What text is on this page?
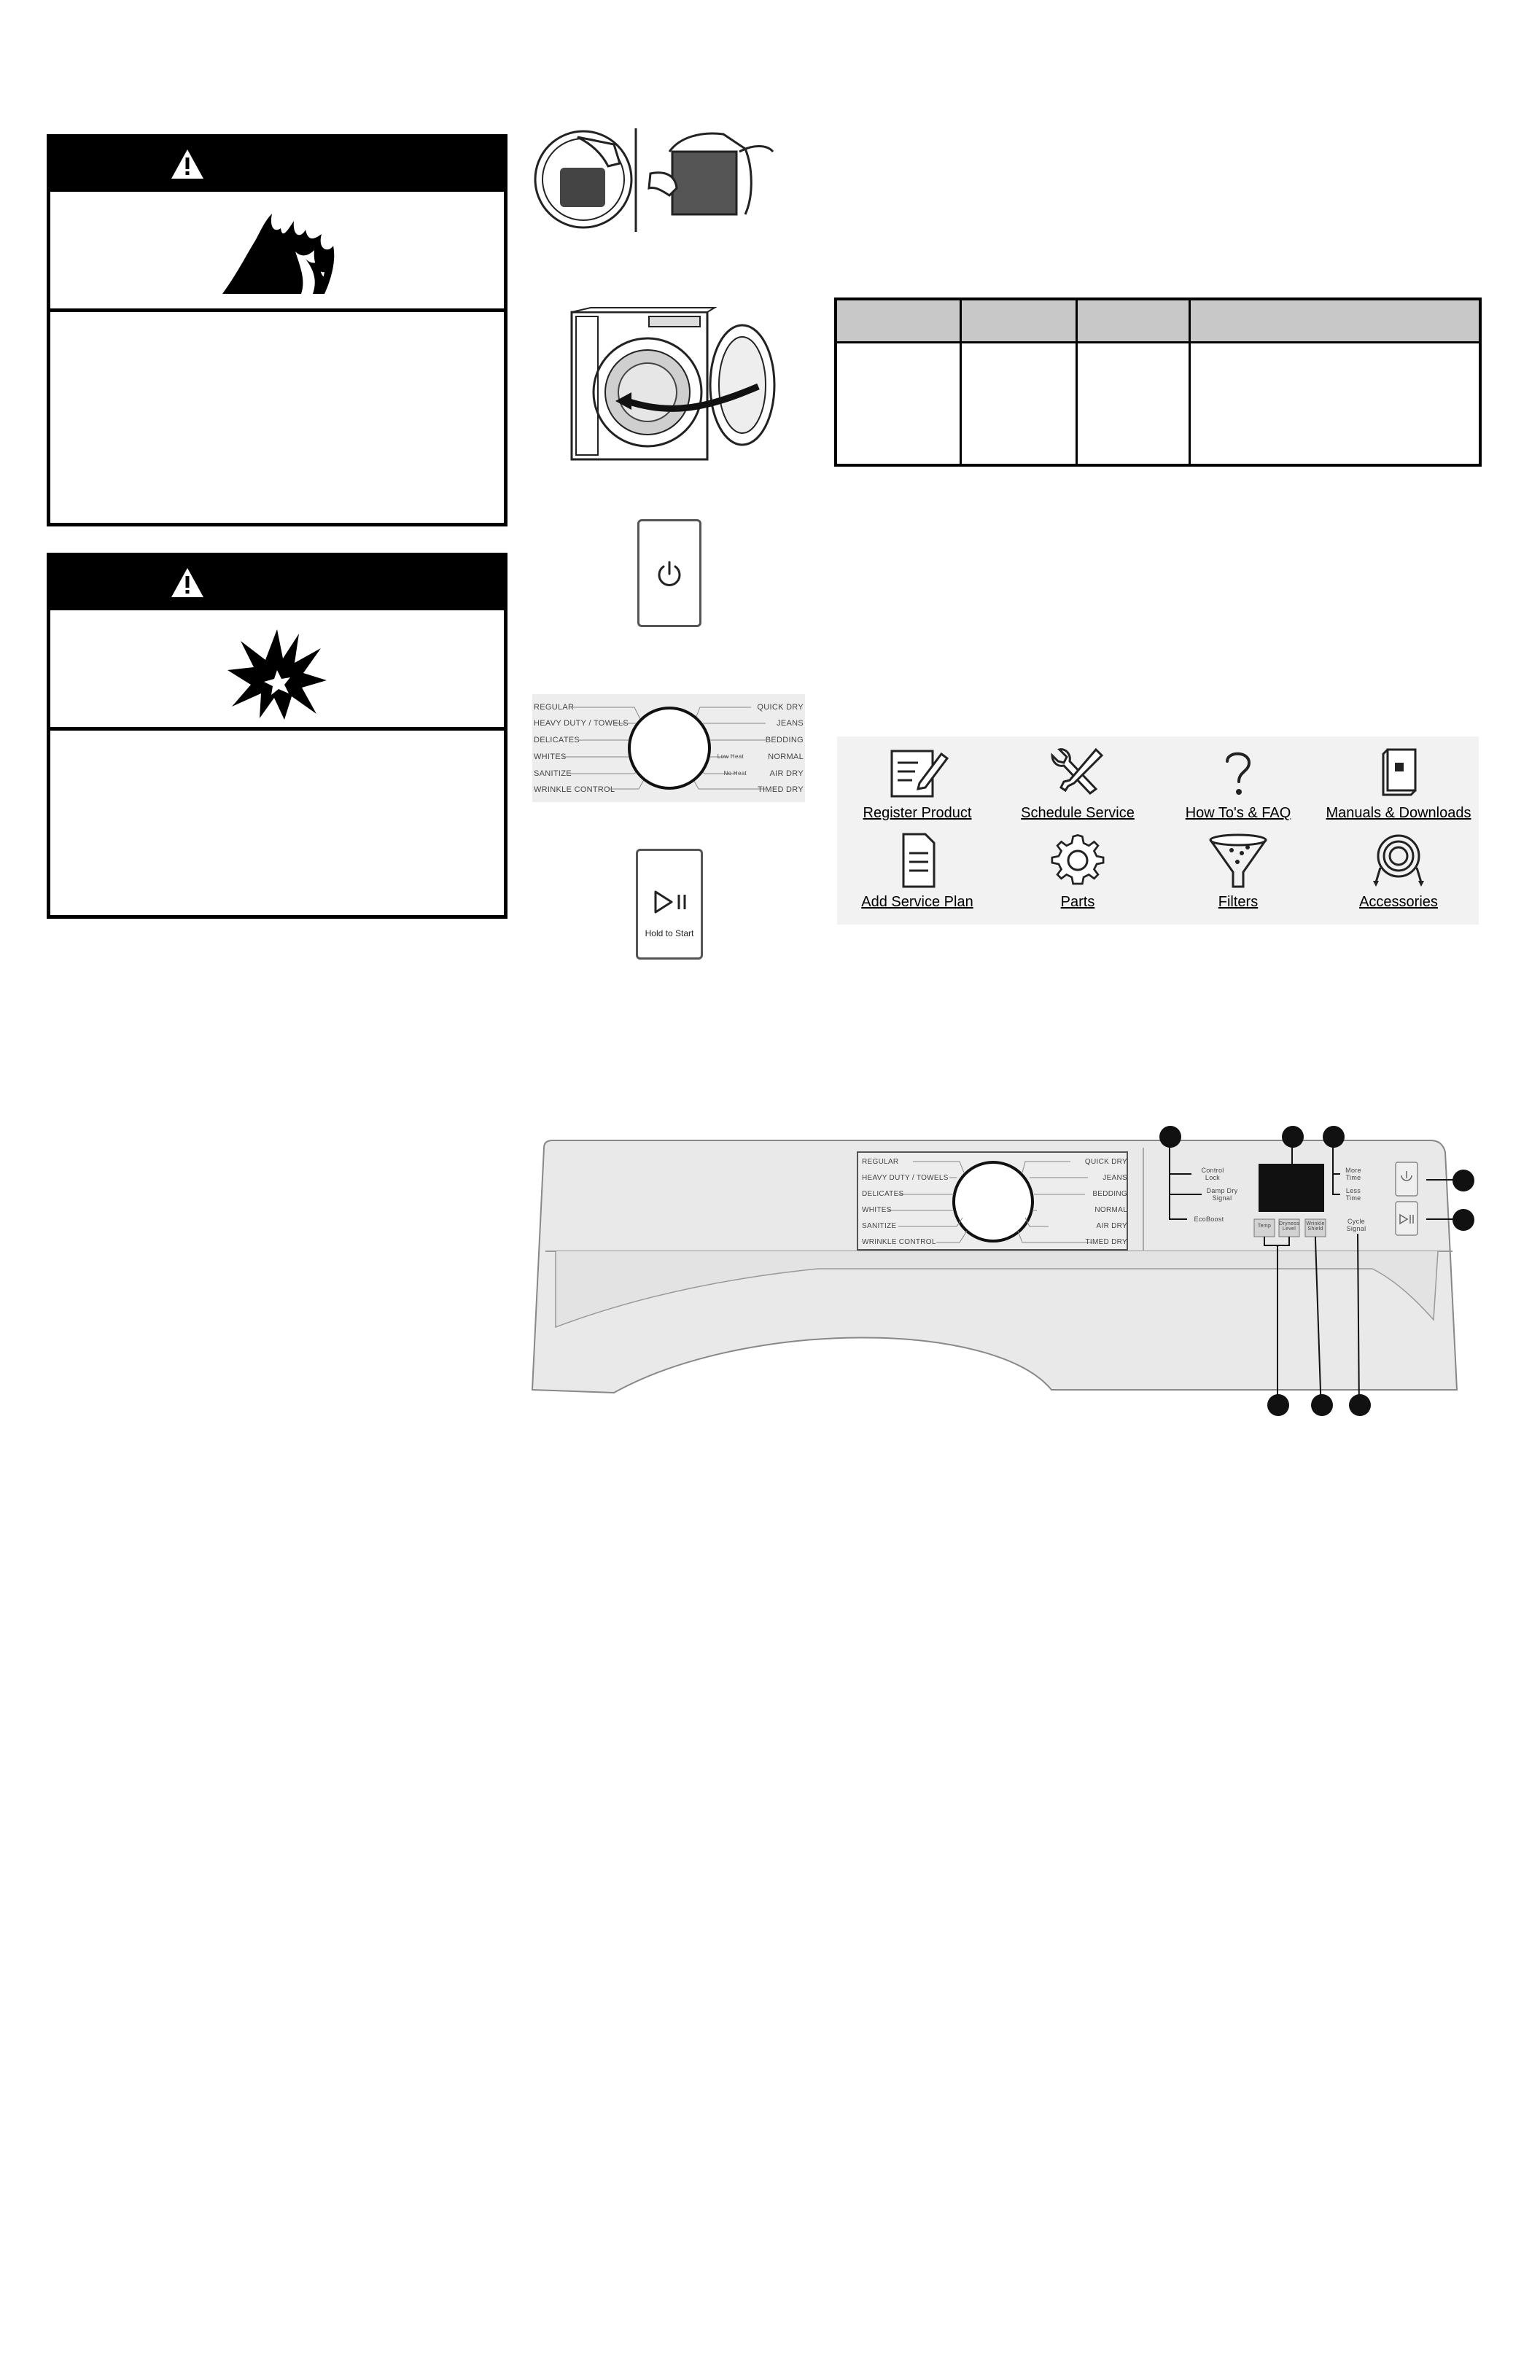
REGULAR
HEAVY DUTY / TOWELS
DELICATES
WHITES
SANITIZE
WRINKLE CONTROL
QUICK DRY
JEANS
BEDDING
NORMAL
AIR DRY
TIMED DRY
Low Heat
No Heat
Hold to Start

Register Product	Schedule Service	How To's & FAQ	Manuals & Downloads
Add Service Plan	Parts	Filters	Accessories
REGULAR
HEAVY DUTY / TOWELS
DELICATES
WHITES
SANITIZE
WRINKLE CONTROL
QUICK DRY
JEANS
BEDDING
NORMAL
AIR DRY
TIMED DRY
Control Lock
Damp Dry Signal
EcoBoost
More Time
Less Time
Cycle Signal
Temp	Dryness Level
Wrinkle Shield
